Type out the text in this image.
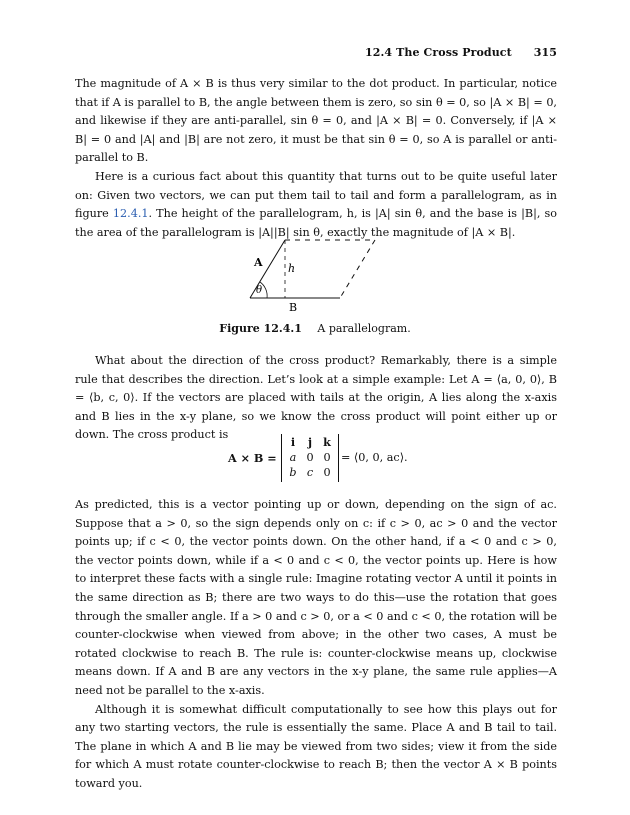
12.4 The Cross Product 315

The magnitude of A × B is thus very similar to the dot product. In particular, notice that if A is parallel to B, the angle between them is zero, so sin θ = 0, so |A × B| = 0, and likewise if they are anti-parallel, sin θ = 0, and |A × B| = 0. Conversely, if |A × B| = 0 and |A| and |B| are not zero, it must be that sin θ = 0, so A is parallel or anti-parallel to B.

Here is a curious fact about this quantity that turns out to be quite useful later on: Given two vectors, we can put them tail to tail and form a parallelogram, as in figure 12.4.1. The height of the parallelogram, h, is |A| sin θ, and the base is |B|, so the area of the parallelogram is |A||B| sin θ, exactly the magnitude of |A × B|.

A h
θ
B
Figure 12.4.1 A parallelogram.

What about the direction of the cross product? Remarkably, there is a simple rule that describes the direction. Let’s look at a simple example: Let A = ⟨a, 0, 0⟩, B = ⟨b, c, 0⟩. If the vectors are placed with tails at the origin, A lies along the x-axis and B lies in the x-y plane, so we know the cross product will point either up or down. The cross product is

A × B =
i	j k
a 0 0
b c 0
= ⟨0, 0, ac⟩.

As predicted, this is a vector pointing up or down, depending on the sign of ac. Suppose that a > 0, so the sign depends only on c: if c > 0, ac > 0 and the vector points up; if c < 0, the vector points down. On the other hand, if a < 0 and c > 0, the vector points down, while if a < 0 and c < 0, the vector points up. Here is how to interpret these facts with a single rule: Imagine rotating vector A until it points in the same direction as B; there are two ways to do this—use the rotation that goes through the smaller angle. If a > 0 and c > 0, or a < 0 and c < 0, the rotation will be counter-clockwise when viewed from above; in the other two cases, A must be rotated clockwise to reach B. The rule is: counter-clockwise means up, clockwise means down. If A and B are any vectors in the x-y plane, the same rule applies—A need not be parallel to the x-axis.

Although it is somewhat difficult computationally to see how this plays out for any two starting vectors, the rule is essentially the same. Place A and B tail to tail. The plane in which A and B lie may be viewed from two sides; view it from the side for which A must rotate counter-clockwise to reach B; then the vector A × B points toward you.
